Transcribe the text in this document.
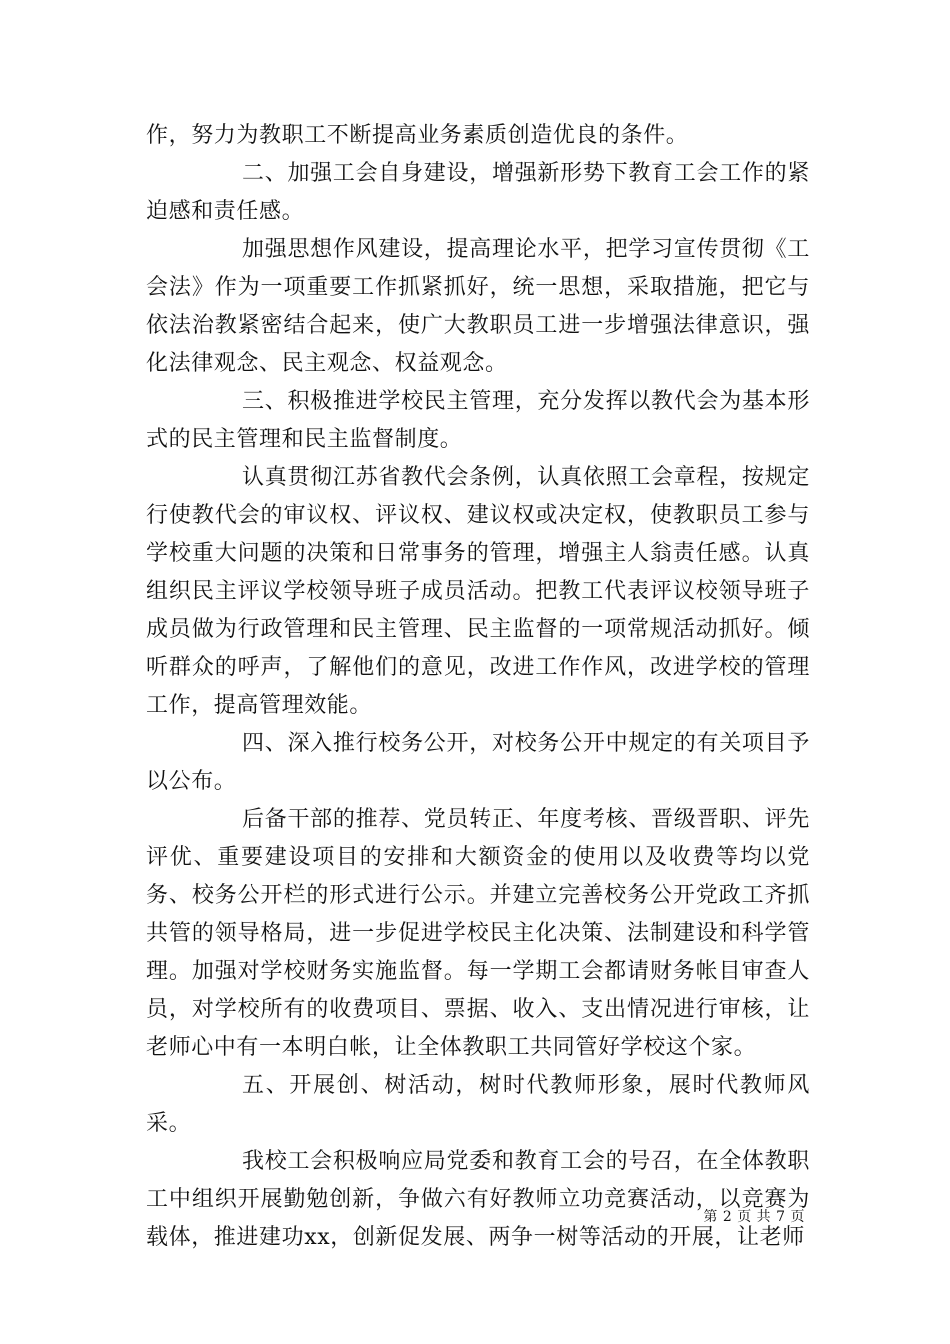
作，努力为教职工不断提高业务素质创造优良的条件。

二、加强工会自身建设，增强新形势下教育工会工作的紧迫感和责任感。

加强思想作风建设，提高理论水平，把学习宣传贯彻《工会法》作为一项重要工作抓紧抓好，统一思想，采取措施，把它与依法治教紧密结合起来，使广大教职员工进一步增强法律意识，强化法律观念、民主观念、权益观念。

三、积极推进学校民主管理，充分发挥以教代会为基本形式的民主管理和民主监督制度。

认真贯彻江苏省教代会条例，认真依照工会章程，按规定行使教代会的审议权、评议权、建议权或决定权，使教职员工参与学校重大问题的决策和日常事务的管理，增强主人翁责任感。认真组织民主评议学校领导班子成员活动。把教工代表评议校领导班子成员做为行政管理和民主管理、民主监督的一项常规活动抓好。倾听群众的呼声，了解他们的意见，改进工作作风，改进学校的管理工作，提高管理效能。

四、深入推行校务公开，对校务公开中规定的有关项目予以公布。

后备干部的推荐、党员转正、年度考核、晋级晋职、评先评优、重要建设项目的安排和大额资金的使用以及收费等均以党务、校务公开栏的形式进行公示。并建立完善校务公开党政工齐抓共管的领导格局，进一步促进学校民主化决策、法制建设和科学管理。加强对学校财务实施监督。每一学期工会都请财务帐目审查人员，对学校所有的收费项目、票据、收入、支出情况进行审核，让老师心中有一本明白帐，让全体教职工共同管好学校这个家。

五、开展创、树活动，树时代教师形象，展时代教师风采。

我校工会积极响应局党委和教育工会的号召，在全体教职工中组织开展勤勉创新，争做六有好教师立功竞赛活动，以竞赛为载体，推进建功xx，创新促发展、两争一树等活动的开展，让老师

第 2 页 共 7 页
